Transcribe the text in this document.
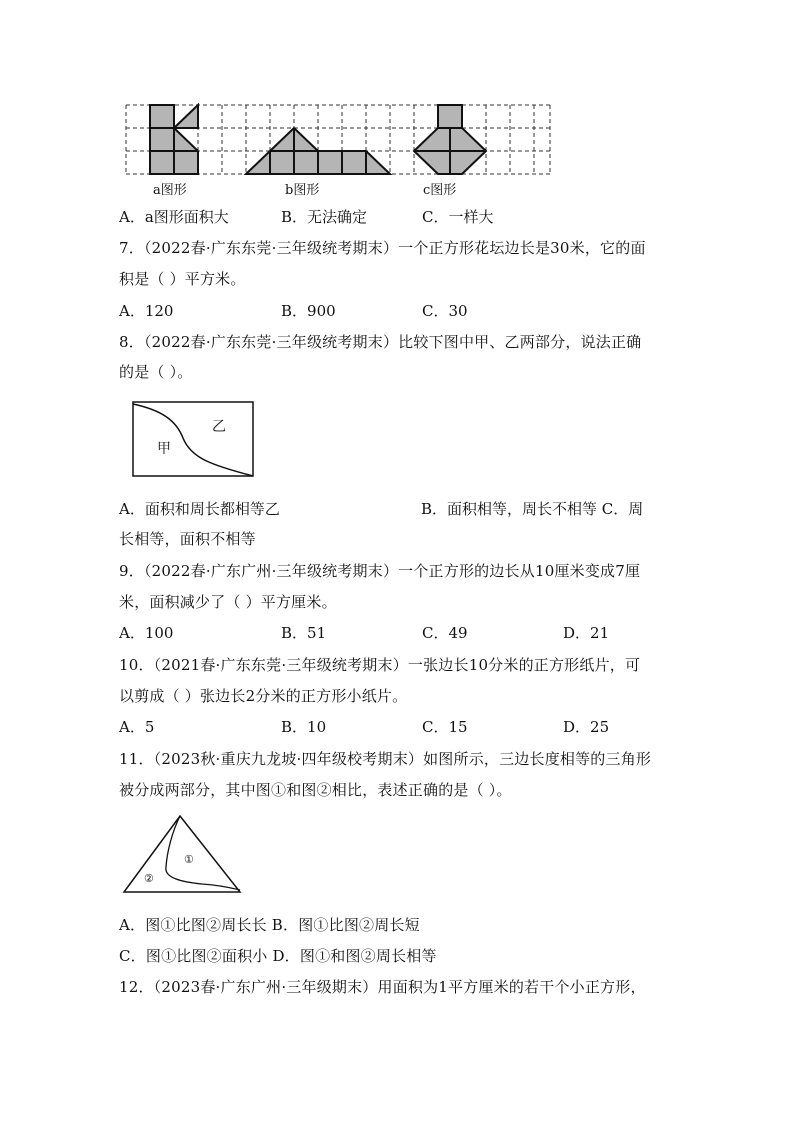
a图形	b图形	c图形
A．a图形面积大	B．无法确定	C．一样大
7．（2022春·广东东莞·三年级统考期末）一个正方形花坛边长是30米，它的面
积是（ ）平方米。
A．120	B．900	C．30
8．（2022春·广东东莞·三年级统考期末）比较下图中甲、乙两部分，说法正确
的是（ ）。
乙
甲
A．面积和周长都相等乙	B．面积相等，周长不相等 C．周
长相等，面积不相等
9．（2022春·广东广州·三年级统考期末）一个正方形的边长从10厘米变成7厘
米，面积减少了（ ）平方厘米。
A．100	B．51	C．49	D．21
10．（2021春·广东东莞·三年级统考期末）一张边长10分米的正方形纸片，可
以剪成（ ）张边长2分米的正方形小纸片。
A．5	B．10	C．15	D．25
11．（2023秋·重庆九龙坡·四年级校考期末）如图所示，三边长度相等的三角形
被分成两部分，其中图①和图②相比，表述正确的是（ ）。
①
②
A．图①比图②周长长 B．图①比图②周长短
C．图①比图②面积小 D．图①和图②周长相等
12．（2023春·广东广州·三年级期末）用面积为1平方厘米的若干个小正方形，
